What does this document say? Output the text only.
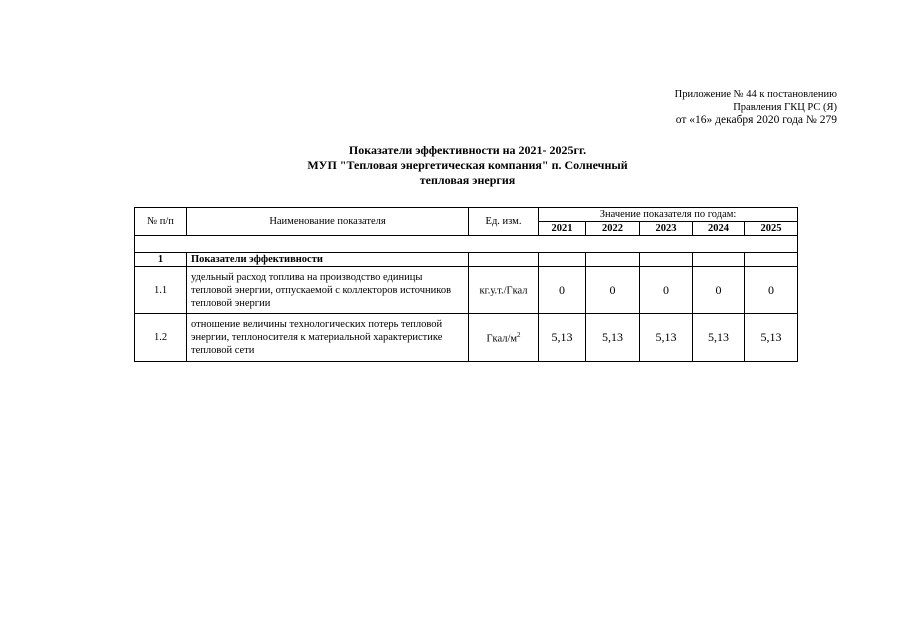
Приложение № 44 к постановлению
Правления ГКЦ РС (Я)
от «16» декабря 2020 года № 279
Показатели эффективности на 2021- 2025гг.
МУП "Тепловая энергетическая компания" п. Солнечный
тепловая энергия
№ п/п	Наименование показателя	Ед. изм.	Значение показателя по годам:				
			2021	2022	2023	2024	2025

1	Показатели эффективности						
1.1	удельный расход топлива на производство единицы тепловой энергии, отпускаемой с коллекторов источников тепловой энергии	кг.у.т./Гкал	0	0	0	0	0
1.2	отношение величины технологических потерь тепловой энергии, теплоносителя к материальной характеристике тепловой сети	Гкал/$м^2$	5,13	5,13	5,13	5,13	5,13
